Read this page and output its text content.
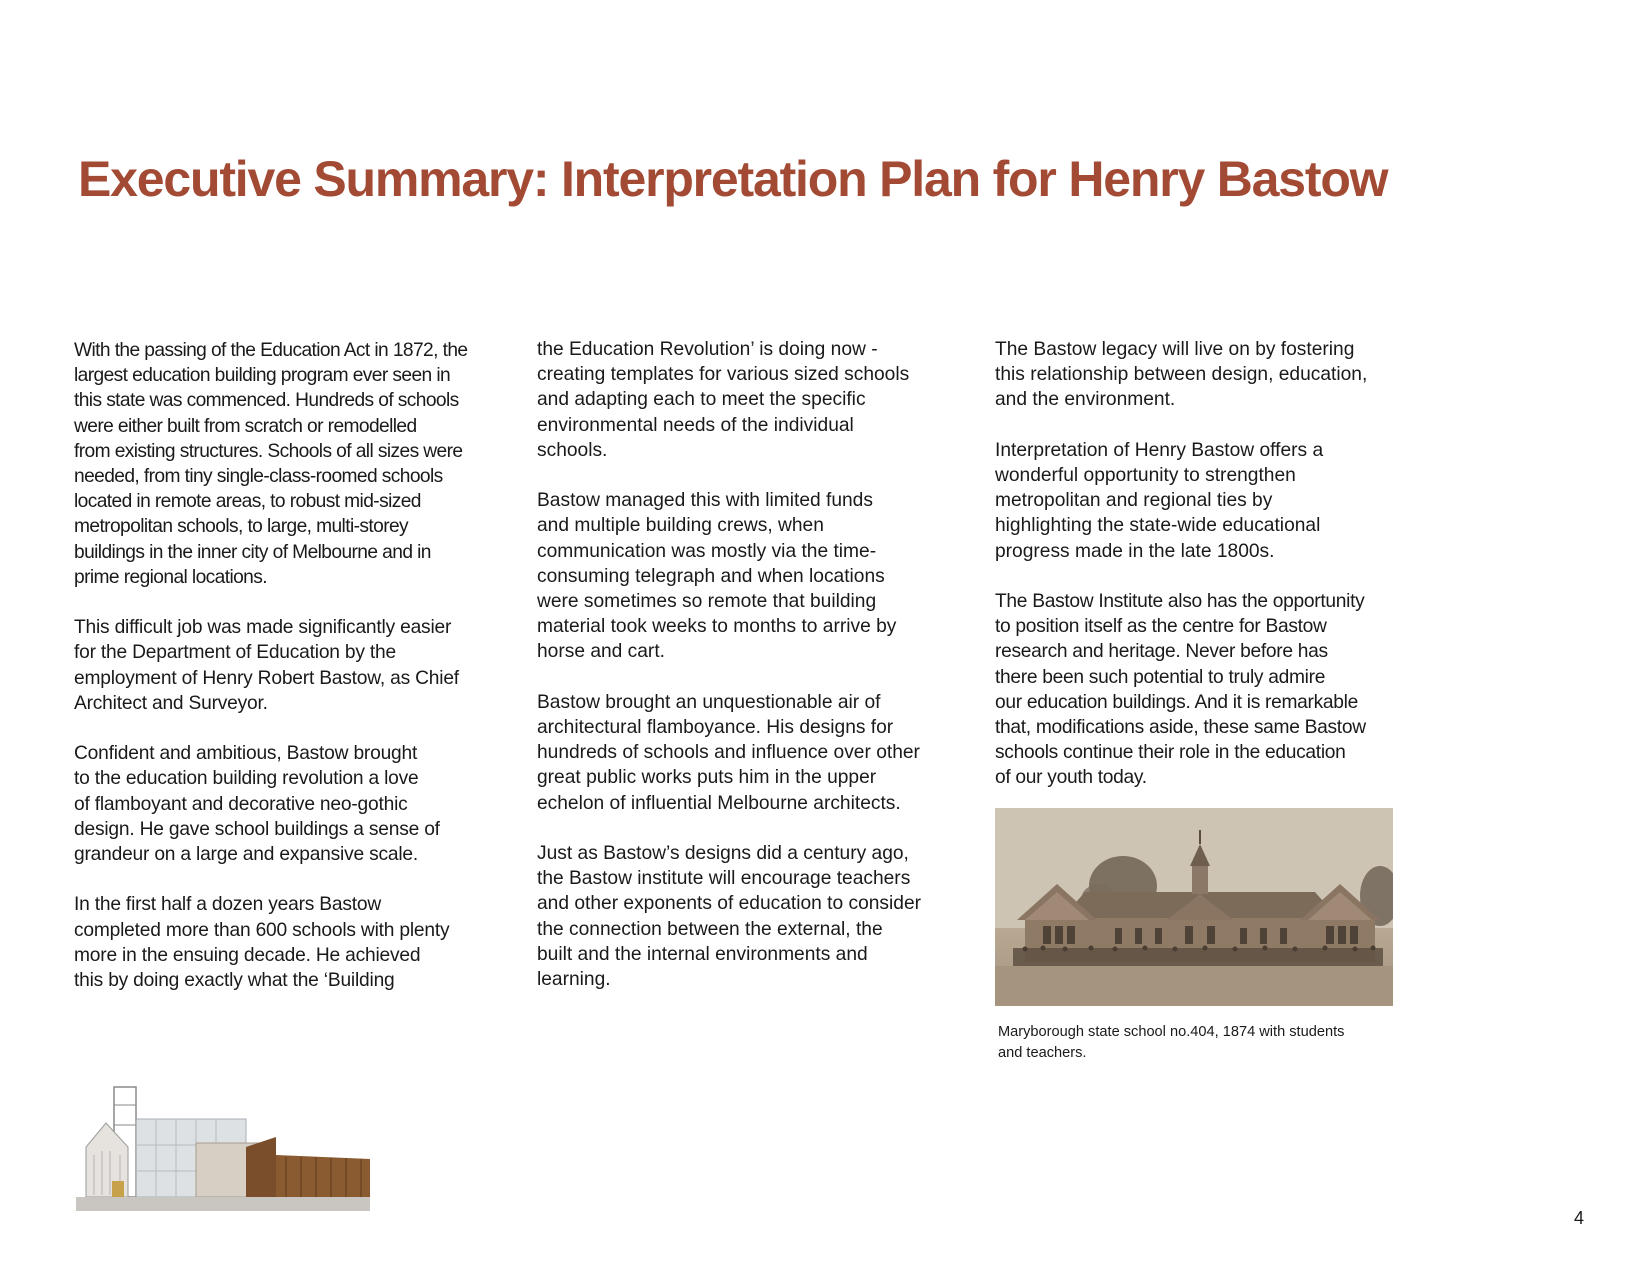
Executive Summary: Interpretation Plan for Henry Bastow

With the passing of the Education Act in 1872, the
largest education building program ever seen in
this state was commenced. Hundreds of schools
were either built from scratch or remodelled
from existing structures. Schools of all sizes were
needed, from tiny single-class-roomed schools
located in remote areas, to robust mid-sized
metropolitan schools, to large, multi-storey
buildings in the inner city of Melbourne and in
prime regional locations.

This difficult job was made significantly easier
for the Department of Education by the
employment of Henry Robert Bastow, as Chief
Architect and Surveyor.

Confident and ambitious, Bastow brought
to the education building revolution a love
of flamboyant and decorative neo-gothic
design. He gave school buildings a sense of
grandeur on a large and expansive scale.

In the first half a dozen years Bastow
completed more than 600 schools with plenty
more in the ensuing decade. He achieved
this by doing exactly what the ‘Building

the Education Revolution’ is doing now -
creating templates for various sized schools
and adapting each to meet the specific
environmental needs of the individual
schools.

Bastow managed this with limited funds
and multiple building crews, when
communication was mostly via the time-
consuming telegraph and when locations
were sometimes so remote that building
material took weeks to months to arrive by
horse and cart.

Bastow brought an unquestionable air of
architectural flamboyance. His designs for
hundreds of schools and influence over other
great public works puts him in the upper
echelon of influential Melbourne architects.

Just as Bastow’s designs did a century ago,
the Bastow institute will encourage teachers
and other exponents of education to consider
the connection between the external, the
built and the internal environments and
learning.

The Bastow legacy will live on by fostering
this relationship between design, education,
and the environment.

Interpretation of Henry Bastow offers a
wonderful opportunity to strengthen
metropolitan and regional ties by
highlighting the state-wide educational
progress made in the late 1800s.

The Bastow Institute also has the opportunity
to position itself as the centre for Bastow
research and heritage. Never before has
there been such potential to truly admire
our education buildings. And it is remarkable
that, modifications aside, these same Bastow
schools continue their role in the education
of our youth today.

Maryborough state school no.404, 1874 with students
and teachers.
4
